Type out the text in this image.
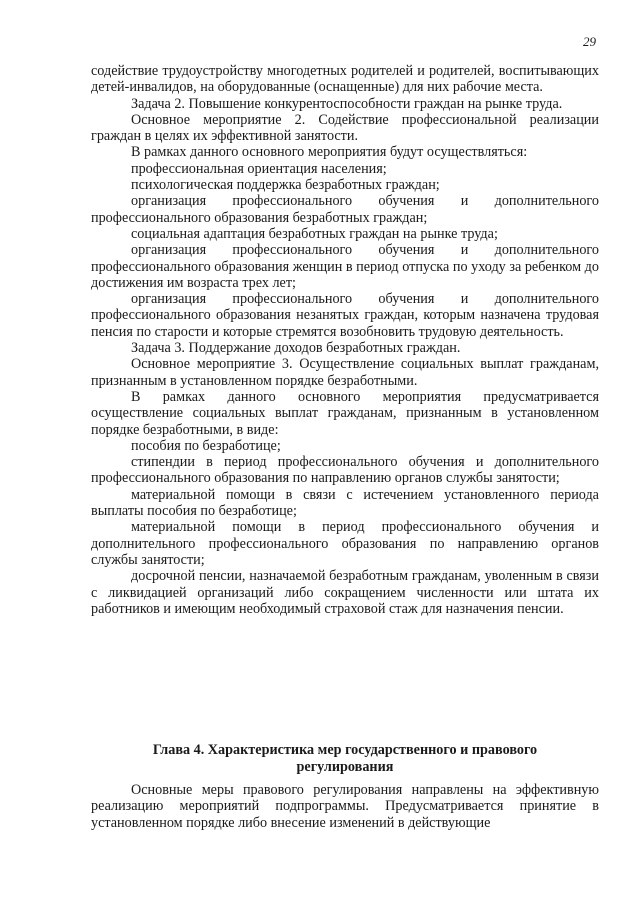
29

содействие трудоустройству многодетных родителей и родителей, воспитывающих детей-инвалидов, на оборудованные (оснащенные) для них рабочие места.

Задача 2. Повышение конкурентоспособности граждан на рынке труда.

Основное мероприятие 2. Содействие профессиональной реализации граждан в целях их эффективной занятости.

В рамках данного основного мероприятия будут осуществляться:

профессиональная ориентация населения;

психологическая поддержка безработных граждан;

организация профессионального обучения и дополнительного профессионального образования безработных граждан;

социальная адаптация безработных граждан на рынке труда;

организация профессионального обучения и дополнительного профессионального образования женщин в период отпуска по уходу за ребенком до достижения им возраста трех лет;

организация профессионального обучения и дополнительного профессионального образования незанятых граждан, которым назначена трудовая пенсия по старости и которые стремятся возобновить трудовую деятельность.

Задача 3. Поддержание доходов безработных граждан.

Основное мероприятие 3. Осуществление социальных выплат гражданам, признанным в установленном порядке безработными.

В рамках данного основного мероприятия предусматривается осуществление социальных выплат гражданам, признанным в установленном порядке безработными, в виде:

пособия по безработице;

стипендии в период профессионального обучения и дополнительного профессионального образования по направлению органов службы занятости;

материальной помощи в связи с истечением установленного периода выплаты пособия по безработице;

материальной помощи в период профессионального обучения и дополнительного профессионального образования по направлению органов службы занятости;

досрочной пенсии, назначаемой безработным гражданам, уволенным в связи с ликвидацией организаций либо сокращением численности или штата их работников и имеющим необходимый страховой стаж для назначения пенсии.

Глава 4. Характеристика мер государственного и правового
регулирования

Основные меры правового регулирования направлены на эффективную реализацию мероприятий подпрограммы. Предусматривается принятие в установленном порядке либо внесение изменений в действующие
